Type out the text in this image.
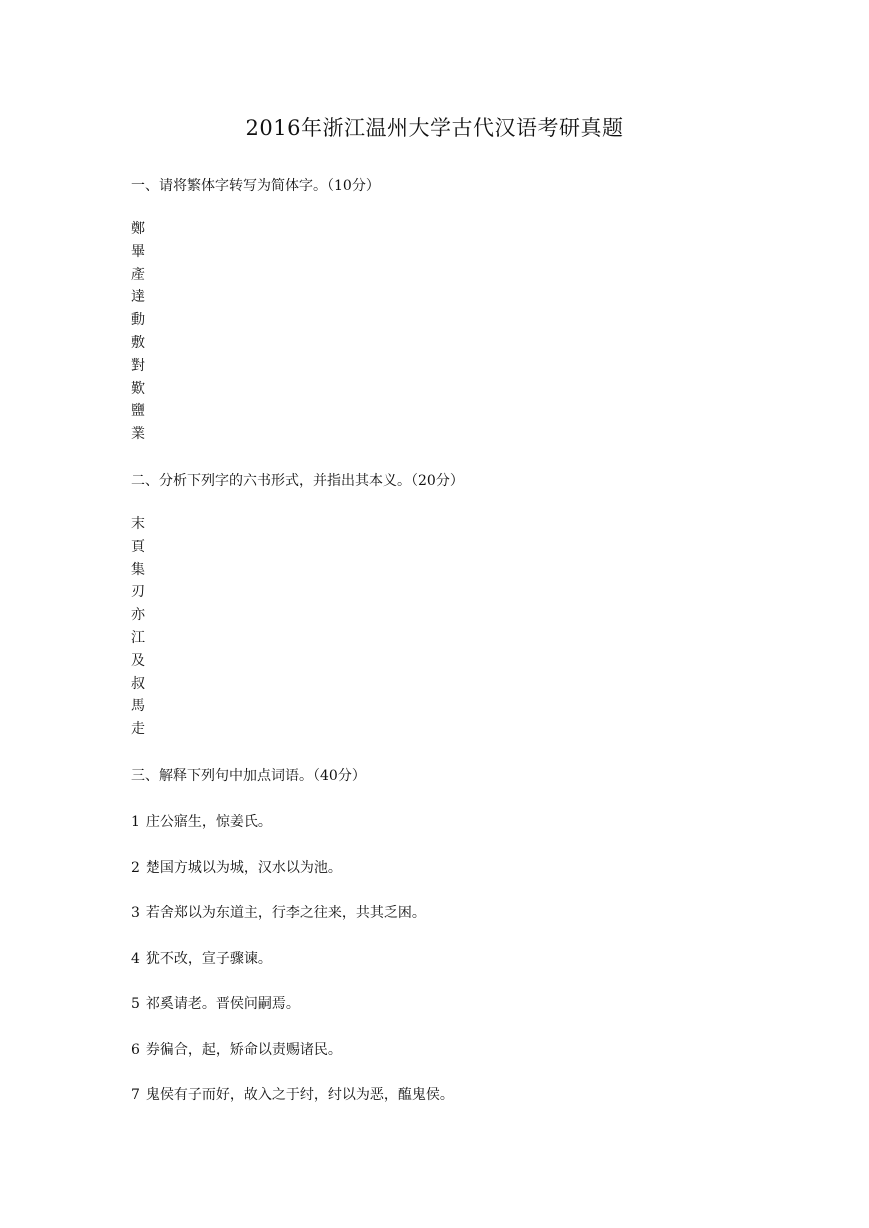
2016年浙江温州大学古代汉语考研真题
一、请将繁体字转写为简体字。（10分）
鄭
畢
產
達
動
敷
對
歎
鹽
業
二、分析下列字的六书形式，并指出其本义。（20分）
末
頁
集
刃
亦
江
及
叔
馬
走
三、解释下列句中加点词语。（40分）
1 庄公寤生，惊姜氏。
2 楚国方城以为城，汉水以为池。
3 若舍郑以为东道主，行李之往来，共其乏困。
4 犹不改，宣子骤谏。
5 祁奚请老。晋侯问嗣焉。
6 券徧合，起，矫命以责赐诸民。
7 鬼侯有子而好，故入之于纣，纣以为恶，醢鬼侯。
